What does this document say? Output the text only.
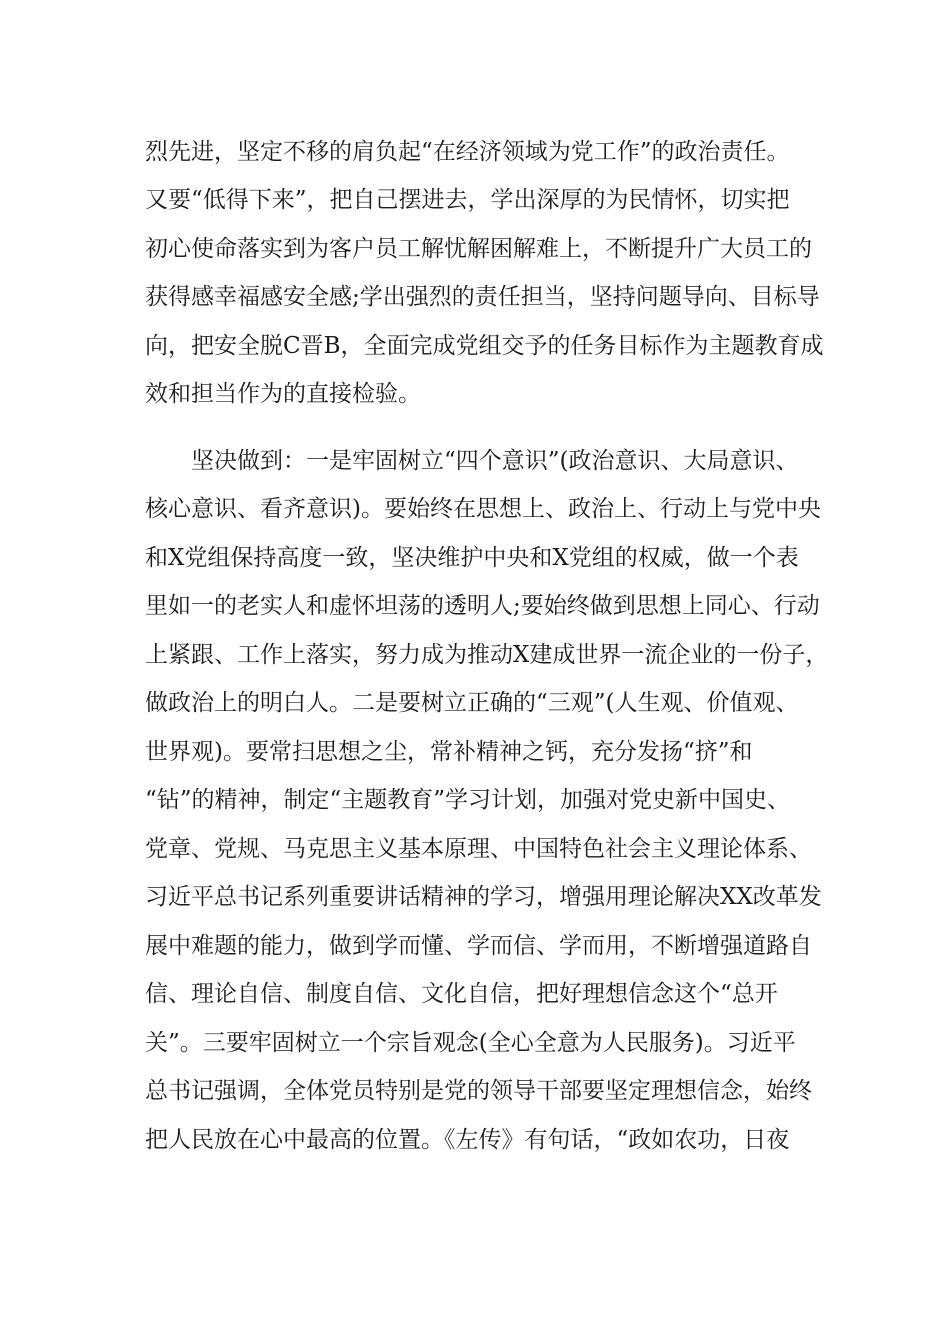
烈先进，坚定不移的肩负起“在经济领域为党工作”的政治责任。
又要“低得下来”，把自己摆进去，学出深厚的为民情怀，切实把
初心使命落实到为客户员工解忧解困解难上，不断提升广大员工的
获得感幸福感安全感;学出强烈的责任担当，坚持问题导向、目标导
向，把安全脱C晋B，全面完成党组交予的任务目标作为主题教育成
效和担当作为的直接检验。
坚决做到：一是牢固树立“四个意识”(政治意识、大局意识、
核心意识、看齐意识)。要始终在思想上、政治上、行动上与党中央
和X党组保持高度一致，坚决维护中央和X党组的权威，做一个表
里如一的老实人和虚怀坦荡的透明人;要始终做到思想上同心、行动
上紧跟、工作上落实，努力成为推动X建成世界一流企业的一份子，
做政治上的明白人。二是要树立正确的“三观”(人生观、价值观、
世界观)。要常扫思想之尘，常补精神之钙，充分发扬“挤”和
“钻”的精神，制定“主题教育”学习计划，加强对党史新中国史、
党章、党规、马克思主义基本原理、中国特色社会主义理论体系、
习近平总书记系列重要讲话精神的学习，增强用理论解决XX改革发
展中难题的能力，做到学而懂、学而信、学而用，不断增强道路自
信、理论自信、制度自信、文化自信，把好理想信念这个“总开
关”。三要牢固树立一个宗旨观念(全心全意为人民服务)。习近平
总书记强调，全体党员特别是党的领导干部要坚定理想信念，始终
把人民放在心中最高的位置。《左传》有句话，“政如农功，日夜
